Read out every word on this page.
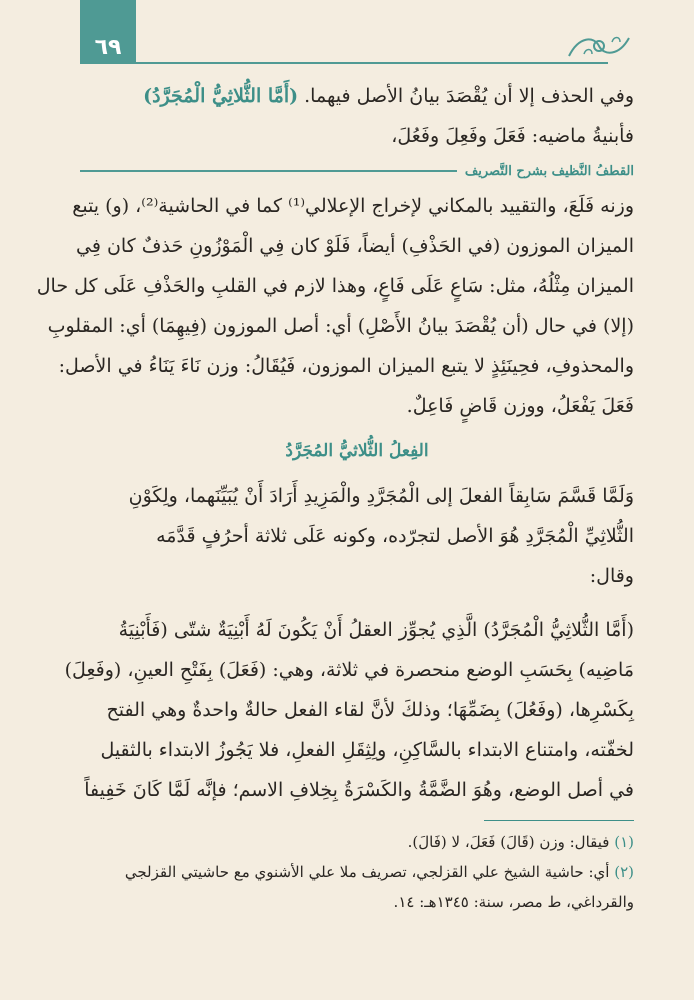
٦٩
وفي الحذف إلا أن يُقْصَدَ بيانُ الأصل فيهما. (أَمَّا الثُّلاثِيُّ الْمُجَرَّدُ)
فأبنيةُ ماضيه: فَعَلَ وفَعِلَ وفَعُلَ،
القطفُ النَّظيف بشرح التَّصريف
وزنه فَلَعَ، والتقييد بالمكاني لإخراج الإعلالي⁽¹⁾ كما في الحاشية⁽²⁾، (و) يتبع
الميزان الموزون (في الحَذْفِ) أيضاً، فَلَوْ كان فِي الْمَوْزُونِ حَذفٌ كان فِي
الميزان مِثْلُهُ، مثل: سَاعٍ عَلَى فَاعٍ، وهذا لازم في القلبِ والحَذْفِ عَلَى كل حال
(إلا) في حال (أن يُقْصَدَ بيانُ الأَصْلِ) أي: أصل الموزون (فِيهِمَا) أي: المقلوبِ
والمحذوفِ، فحِينَئِذٍ لا يتبع الميزان الموزون، فَيُقَالُ: وزن نَاءَ يَنَاءُ في الأصل:
فَعَلَ يَفْعَلُ، ووزن قَاضٍ فَاعِلٌ.
الفِعلُ الثُّلاثيُّ المُجَرَّدُ
وَلَمَّا قَسَّمَ سَابِقاً الفعلَ إلى الْمُجَرَّدِ والْمَزِيدِ أَرَادَ أَنْ يُبَيِّنَهما، ولِكَوْنِ
الثُّلاثِيِّ الْمُجَرَّدِ هُوَ الأصل لتجرّده، وكونه عَلَى ثلاثة أحرُفٍ قَدَّمَه
وقال:
(أَمَّا الثُّلاثِيُّ الْمُجَرَّدُ) الَّذِي يُجوِّز العقلُ أَنْ يَكُونَ لَهُ أَبْنِيَةٌ شتّى (فَأَبْنِيَةُ
مَاضِيه) بِحَسَبِ الوضع منحصرة في ثلاثة، وهي: (فَعَلَ) بِفَتْحِ العينِ، (وفَعِلَ)
بِكَسْرِها، (وفَعُلَ) بِضَمِّهَا؛ وذلكَ لأنَّ لقاء الفعل حالةٌ واحدةٌ وهي الفتح
لخفّته، وامتناع الابتداء بالسَّاكِنِ، ولِثِقَلِ الفعلِ، فلا يَجُوزُ الابتداء بالثقيل
في أصل الوضع، وهُوَ الضَّمَّةُ والكَسْرَةُ بِخِلافِ الاسم؛ فإنَّه لَمَّا كَانَ خَفِيفاً
(١) فيقال: وزن (قَالَ) فَعَلَ، لا (فَالَ).
(٢) أي: حاشية الشيخ علي القزلجي، تصريف ملا علي الأشنوي مع حاشيتي القزلجي
والقرداغي، ط مصر، سنة: ١٣٤٥هـ: ١٤.
